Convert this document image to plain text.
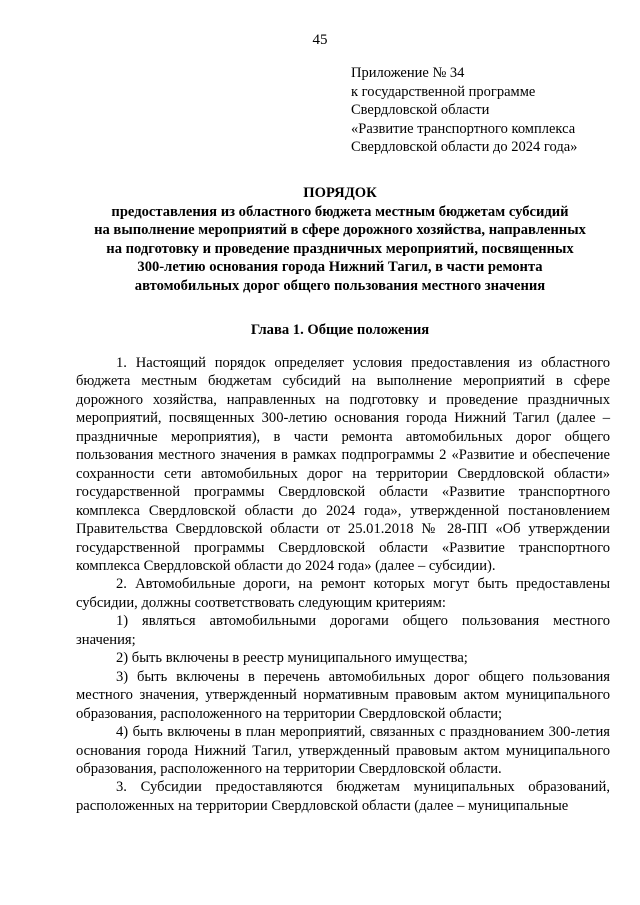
45
Приложение № 34
к государственной программе
Свердловской области
«Развитие транспортного комплекса
Свердловской области до 2024 года»
ПОРЯДОК
предоставления из областного бюджета местным бюджетам субсидий
на выполнение мероприятий в сфере дорожного хозяйства, направленных
на подготовку и проведение праздничных мероприятий, посвященных
300-летию основания города Нижний Тагил, в части ремонта
автомобильных дорог общего пользования местного значения
Глава 1. Общие положения

1. Настоящий порядок определяет условия предоставления из областного бюджета местным бюджетам субсидий на выполнение мероприятий в сфере дорожного хозяйства, направленных на подготовку и проведение праздничных мероприятий, посвященных 300-летию основания города Нижний Тагил (далее – праздничные мероприятия), в части ремонта автомобильных дорог общего пользования местного значения в рамках подпрограммы 2 «Развитие и обеспечение сохранности сети автомобильных дорог на территории Свердловской области» государственной программы Свердловской области «Развитие транспортного комплекса Свердловской области до 2024 года», утвержденной постановлением Правительства Свердловской области от 25.01.2018 № 28-ПП «Об утверждении государственной программы Свердловской области «Развитие транспортного комплекса Свердловской области до 2024 года» (далее – субсидии).

2. Автомобильные дороги, на ремонт которых могут быть предоставлены субсидии, должны соответствовать следующим критериям:

1) являться автомобильными дорогами общего пользования местного значения;

2) быть включены в реестр муниципального имущества;

3) быть включены в перечень автомобильных дорог общего пользования местного значения, утвержденный нормативным правовым актом муниципального образования, расположенного на территории Свердловской области;

4) быть включены в план мероприятий, связанных с празднованием 300-летия основания города Нижний Тагил, утвержденный правовым актом муниципального образования, расположенного на территории Свердловской области.

3. Субсидии предоставляются бюджетам муниципальных образований, расположенных на территории Свердловской области (далее – муниципальные
